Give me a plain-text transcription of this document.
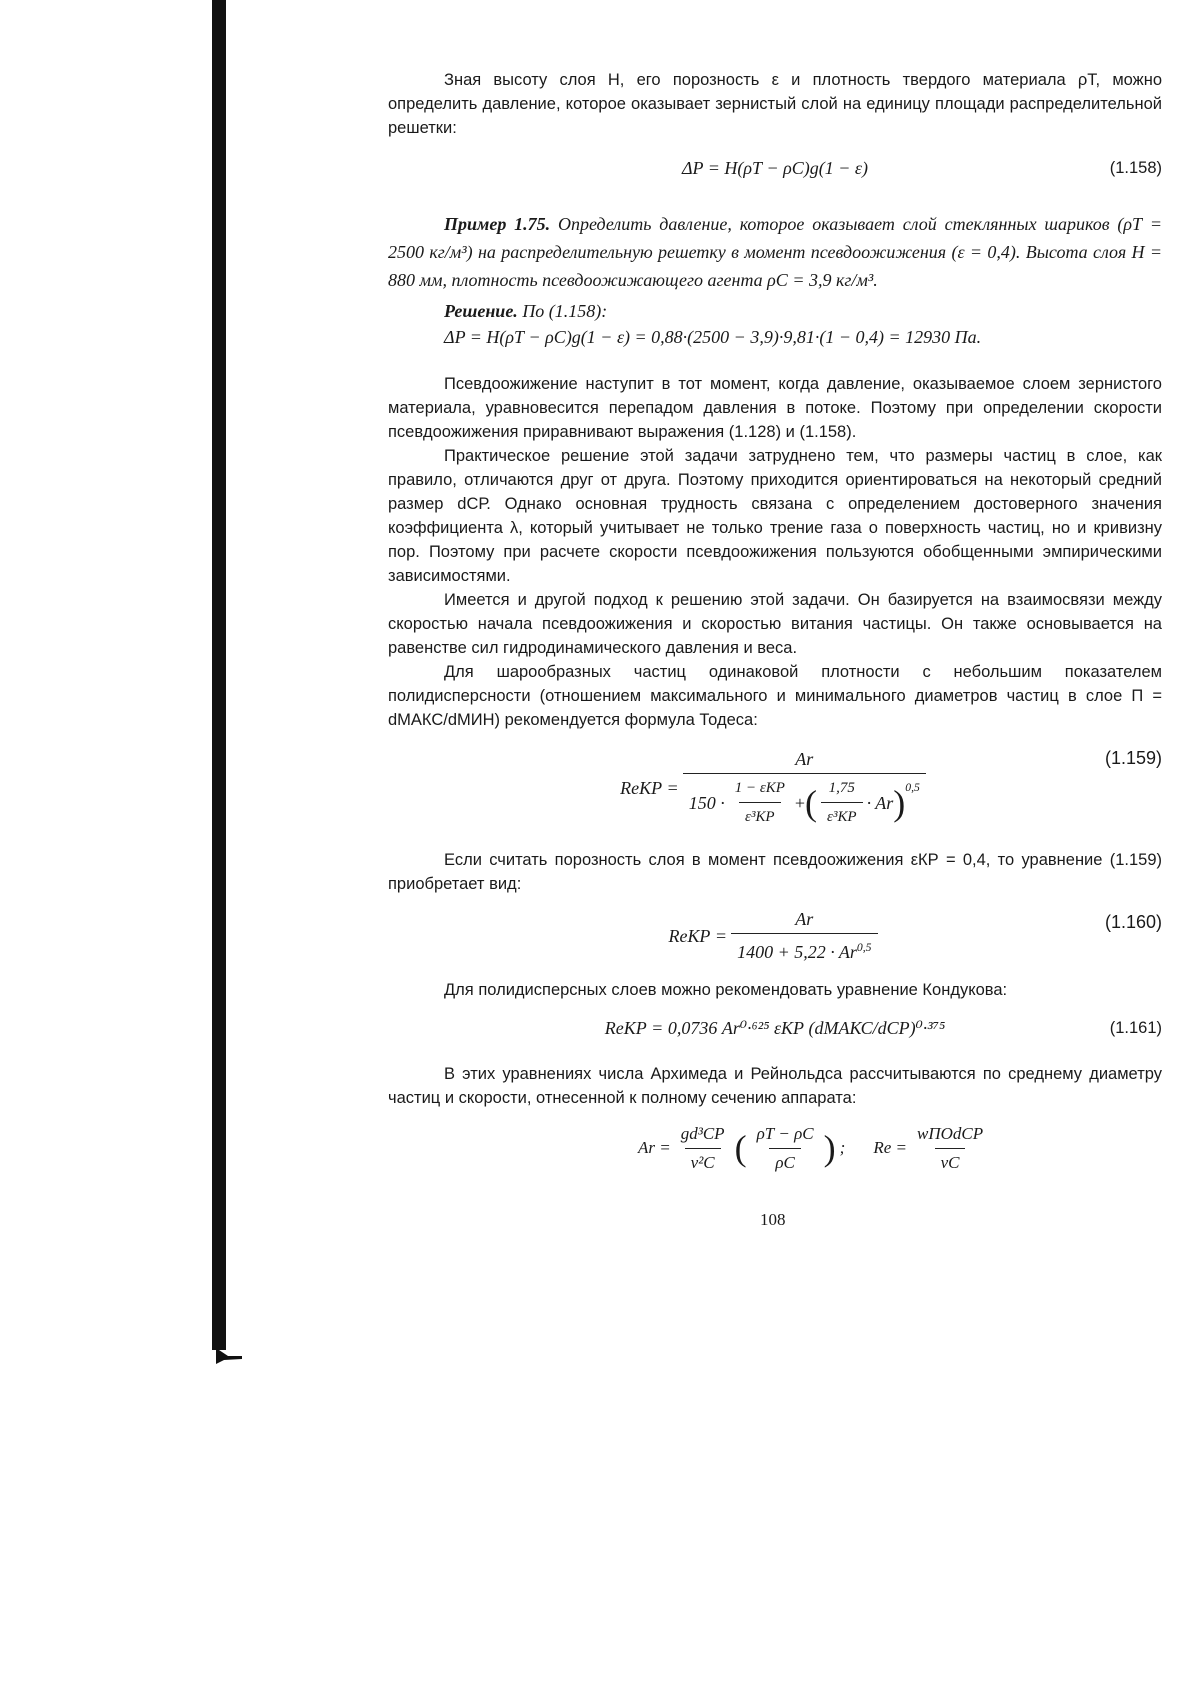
Зная высоту слоя H, его порозность ε и плотность твердого материала ρТ, можно определить давление, которое оказывает зернистый слой на единицу площади распределительной решетки:

ΔP = H(ρТ − ρС)g(1 − ε)	(1.158)

Пример 1.75. Определить давление, которое оказывает слой стеклянных шариков (ρТ = 2500 кг/м³) на распределительную решетку в момент псевдоожижения (ε = 0,4). Высота слоя H = 880 мм, плотность псевдоожижающего агента ρС = 3,9 кг/м³.

Решение. По (1.158):

ΔP = H(ρТ − ρС)g(1 − ε) = 0,88·(2500 − 3,9)·9,81·(1 − 0,4) = 12930 Па.

Псевдоожижение наступит в тот момент, когда давление, оказываемое слоем зернистого материала, уравновесится перепадом давления в потоке. Поэтому при определении скорости псевдоожижения приравнивают выражения (1.128) и (1.158).

Практическое решение этой задачи затруднено тем, что размеры частиц в слое, как правило, отличаются друг от друга. Поэтому приходится ориентироваться на некоторый средний размер dСР. Однако основная трудность связана с определением достоверного значения коэффициента λ, который учитывает не только трение газа о поверхность частиц, но и кривизну пор. Поэтому при расчете скорости псевдоожижения пользуются обобщенными эмпирическими зависимостями.

Имеется и другой подход к решению этой задачи. Он базируется на взаимосвязи между скоростью начала псевдоожижения и скоростью витания частицы. Он также основывается на равенстве сил гидродинамического давления и веса.

Для шарообразных частиц одинаковой плотности с небольшим показателем полидисперсности (отношением максимального и минимального диаметров частиц в слое П = dМАКС/dМИН) рекомендуется формула Тодеса:

ReКР =
Ar
$150 \cdot \frac{\text{1 − εКР}}{\text{ε³КР}}$ + ( $\frac{1,75}{\text{ε³КР}} \cdot Ar$ ) 0,5
(1.159)

Если считать порозность слоя в момент псевдоожижения εКР = 0,4, то уравнение (1.159) приобретает вид:

ReКР = $\frac{Ar}{1400 + 5,22 \cdot Ar^{0,5}}$	(1.160)

Для полидисперсных слоев можно рекомендовать уравнение Кондукова:

ReКР = 0,0736 Ar⁰·⁶²⁵ εКР (dМАКС/dСР)⁰·³⁷⁵	(1.161)

В этих уравнениях числа Архимеда и Рейнольдса рассчитываются по среднему диаметру частиц и скорости, отнесенной к полному сечению аппарата:

$Ar = \frac{\text{gd³СР}}{\text{ν²С}}$ ( $\frac{\rho Т - \rho С}{\rho С}$ ) ; $Re = \frac{\text{wПОdСР}}{\nu С}$
108
